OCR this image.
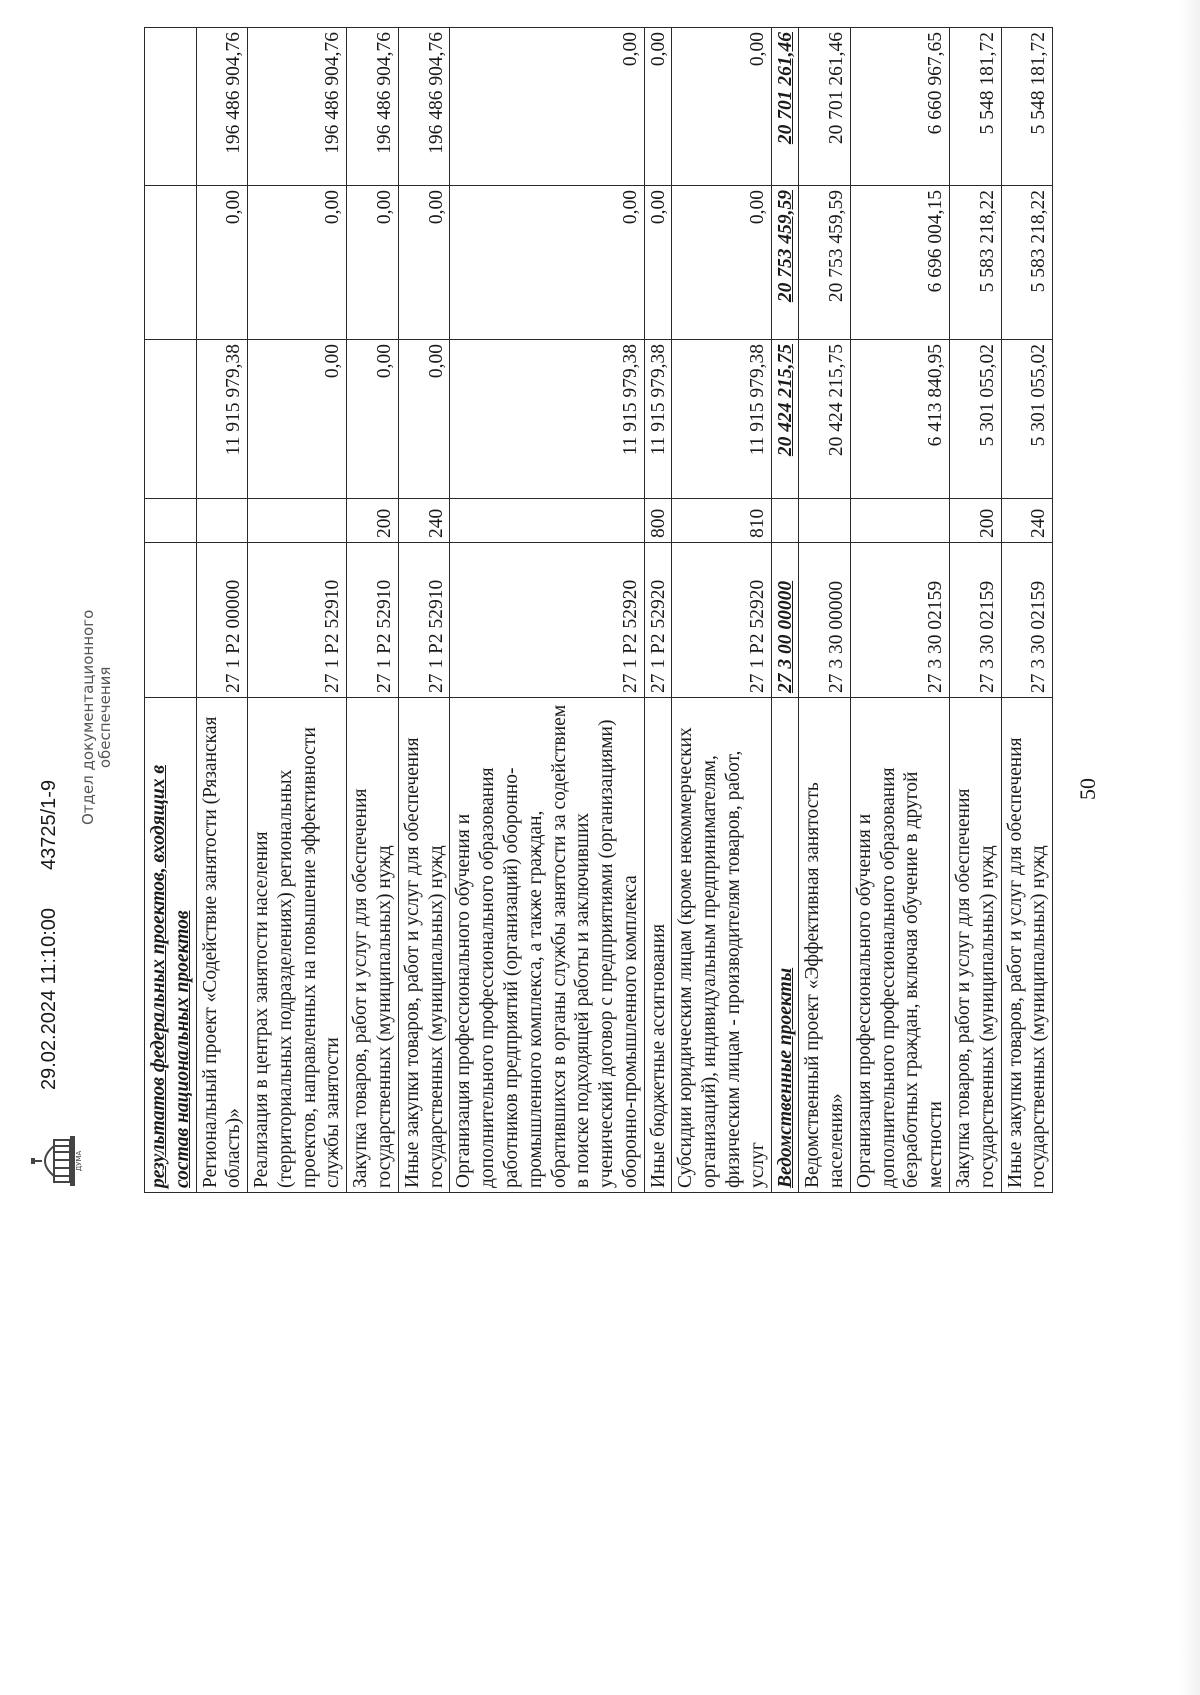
50
результатов федеральных проектов, входящих в состав национальных проектов					
Региональный проект «Содействие занятости (Рязанская область)»	27 1 Р2 00000		11 915 979,38	0,00	196 486 904,76
Реализация в центрах занятости населения (территориальных подразделениях) региональных проектов, направленных на повышение эффективности службы занятости	27 1 Р2 52910		0,00	0,00	196 486 904,76
Закупка товаров, работ и услуг для обеспечения государственных (муниципальных) нужд	27 1 Р2 52910	200	0,00	0,00	196 486 904,76
Иные закупки товаров, работ и услуг для обеспечения государственных (муниципальных) нужд	27 1 Р2 52910	240	0,00	0,00	196 486 904,76
Организация профессионального обучения и дополнительного профессионального образования работников предприятий (организаций) оборонно-промышленного комплекса, а также граждан, обратившихся в органы службы занятости за содействием в поиске подходящей работы и заключивших ученический договор с предприятиями (организациями) оборонно-промышленного комплекса	27 1 Р2 52920		11 915 979,38	0,00	0,00
Иные бюджетные ассигнования	27 1 Р2 52920	800	11 915 979,38	0,00	0,00
Субсидии юридическим лицам (кроме некоммерческих организаций), индивидуальным предпринимателям, физическим лицам - производителям товаров, работ, услуг	27 1 Р2 52920	810	11 915 979,38	0,00	0,00
Ведомственные проекты	27 3 00 00000		20 424 215,75	20 753 459,59	20 701 261,46
Ведомственный проект «Эффективная занятость населения»	27 3 30 00000		20 424 215,75	20 753 459,59	20 701 261,46
Организация профессионального обучения и дополнительного профессионального образования безработных граждан, включая обучение в другой местности	27 3 30 02159		6 413 840,95	6 696 004,15	6 660 967,65
Закупка товаров, работ и услуг для обеспечения государственных (муниципальных) нужд	27 3 30 02159	200	5 301 055,02	5 583 218,22	5 548 181,72
Иные закупки товаров, работ и услуг для обеспечения государственных (муниципальных) нужд	27 3 30 02159	240	5 301 055,02	5 583 218,22	5 548 181,72
ДУМА
29.02.2024 11:10:00
43725/1-9 Отдел документационного обеспечения
